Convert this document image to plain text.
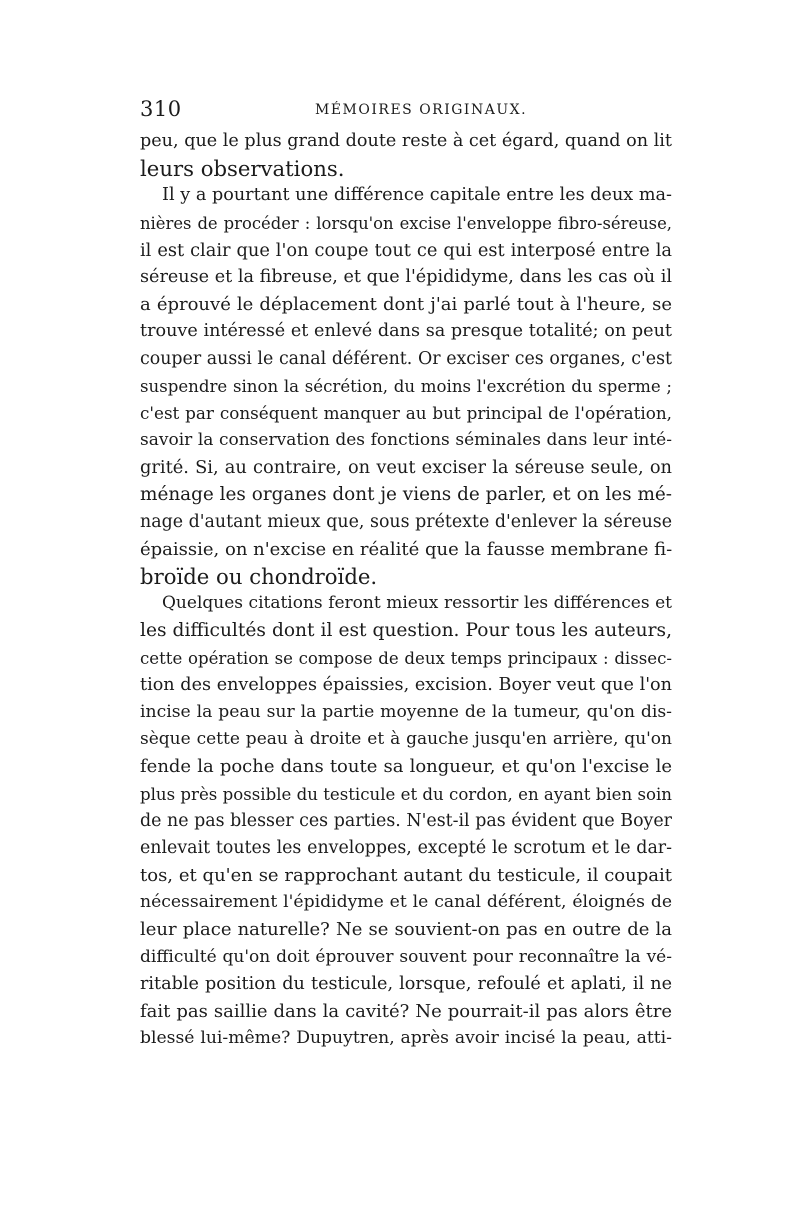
310	MÉMOIRES ORIGINAUX.
peu, que le plus grand doute reste à cet égard, quand on lit
leurs observations.
Il y a pourtant une différence capitale entre les deux ma-
nières de procéder : lorsqu'on excise l'enveloppe fibro-séreuse,
il est clair que l'on coupe tout ce qui est interposé entre la
séreuse et la fibreuse, et que l'épididyme, dans les cas où il
a éprouvé le déplacement dont j'ai parlé tout à l'heure, se
trouve intéressé et enlevé dans sa presque totalité; on peut
couper aussi le canal déférent. Or exciser ces organes, c'est
suspendre sinon la sécrétion, du moins l'excrétion du sperme ;
c'est par conséquent manquer au but principal de l'opération,
savoir la conservation des fonctions séminales dans leur inté-
grité. Si, au contraire, on veut exciser la séreuse seule, on
ménage les organes dont je viens de parler, et on les mé-
nage d'autant mieux que, sous prétexte d'enlever la séreuse
épaissie, on n'excise en réalité que la fausse membrane fi-
broïde ou chondroïde.
Quelques citations feront mieux ressortir les différences et
les difficultés dont il est question. Pour tous les auteurs,
cette opération se compose de deux temps principaux : dissec-
tion des enveloppes épaissies, excision. Boyer veut que l'on
incise la peau sur la partie moyenne de la tumeur, qu'on dis-
sèque cette peau à droite et à gauche jusqu'en arrière, qu'on
fende la poche dans toute sa longueur, et qu'on l'excise le
plus près possible du testicule et du cordon, en ayant bien soin
de ne pas blesser ces parties. N'est-il pas évident que Boyer
enlevait toutes les enveloppes, excepté le scrotum et le dar-
tos, et qu'en se rapprochant autant du testicule, il coupait
nécessairement l'épididyme et le canal déférent, éloignés de
leur place naturelle? Ne se souvient-on pas en outre de la
difficulté qu'on doit éprouver souvent pour reconnaître la vé-
ritable position du testicule, lorsque, refoulé et aplati, il ne
fait pas saillie dans la cavité? Ne pourrait-il pas alors être
blessé lui-même? Dupuytren, après avoir incisé la peau, atti-
